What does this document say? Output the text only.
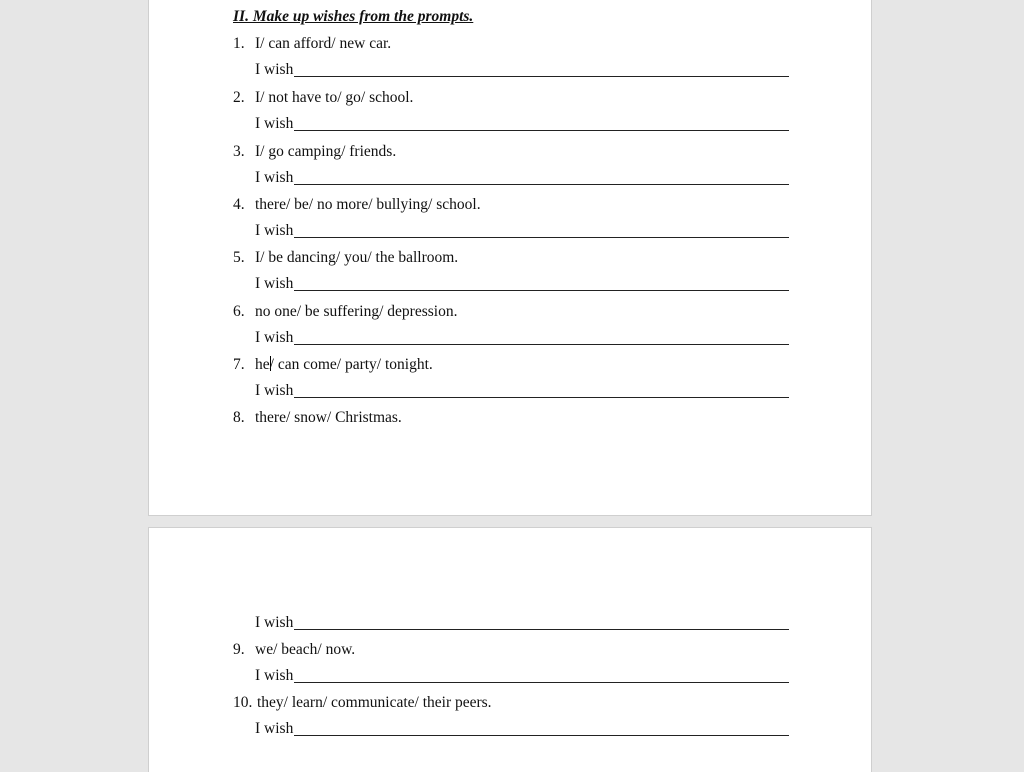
II. Make up wishes from the prompts.
1. I/ can afford/ new car.
I wish
2. I/ not have to/ go/ school.
I wish
3. I/ go camping/ friends.
I wish
4. there/ be/ no more/ bullying/ school.
I wish
5. I/ be dancing/ you/ the ballroom.
I wish
6. no one/ be suffering/ depression.
I wish
7. he/ can come/ party/ tonight.
I wish
8. there/ snow/ Christmas.
I wish
9. we/ beach/ now.
I wish
10. they/ learn/ communicate/ their peers.
I wish
